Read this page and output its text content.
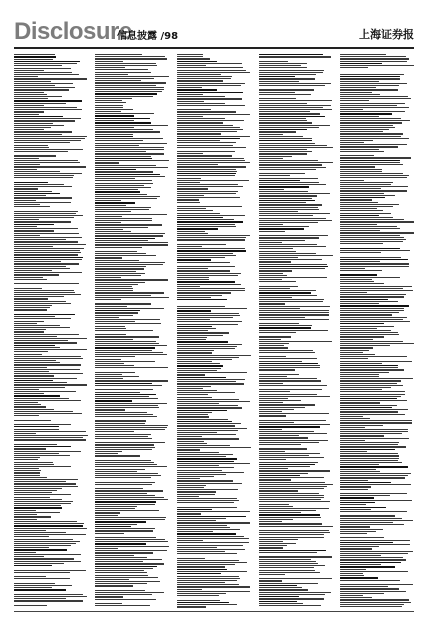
Disclosure
信息披露 /98	上海证券报
